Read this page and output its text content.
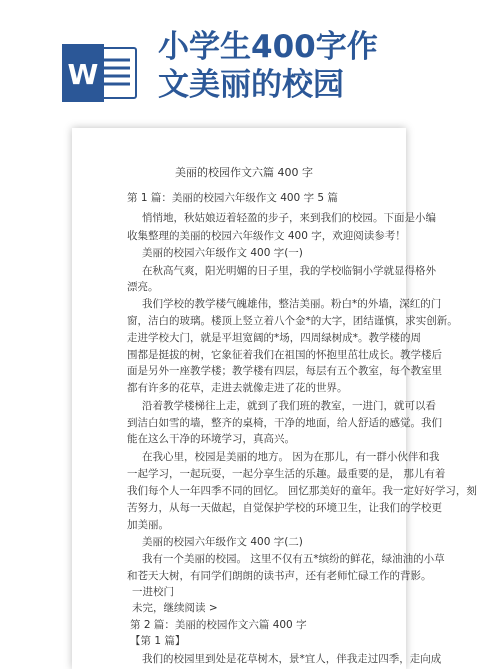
W
小学生400字作
文美丽的校园
美丽的校园作文六篇 400 字
第 1 篇：美丽的校园六年级作文 400 字 5 篇
悄悄地，秋姑娘迈着轻盈的步子，来到我们的校园。下面是小编
收集整理的美丽的校园六年级作文 400 字，欢迎阅读参考！
美丽的校园六年级作文 400 字(一)
在秋高气爽，阳光明媚的日子里，我的学校临铜小学就显得格外
漂亮。
我们学校的教学楼气魄雄伟，整洁美丽。粉白*的外墙，深红的门
窗，洁白的玻璃。楼顶上竖立着八个金*的大字，团结谨慎，求实创新。
走进学校大门，就是平坦宽阔的*场，四周绿树成*。教学楼的周
围都是挺拔的树，它象征着我们在祖国的怀抱里茁壮成长。教学楼后
面是另外一座教学楼；教学楼有四层，每层有五个教室，每个教室里
都有许多的花草，走进去就像走进了花的世界。
沿着教学楼梯往上走，就到了我们班的教室，一进门，就可以看
到洁白如雪的墙，整齐的桌椅，干净的地面，给人舒适的感觉。我们
能在这么干净的环境学习，真高兴。
在我心里，校园是美丽的地方。 因为在那儿，有一群小伙伴和我
一起学习，一起玩耍，一起分享生活的乐趣。最重要的是， 那儿有着
我们每个人一年四季不同的回忆。 回忆那美好的童年。我一定好好学习，刻
苦努力，从每一天做起，自觉保护学校的环境卫生，让我们的学校更
加美丽。
美丽的校园六年级作文 400 字(二)
我有一个美丽的校园。 这里不仅有五*缤纷的鲜花，绿油油的小草
和苍天大树，有同学们朗朗的读书声，还有老师忙碌工作的背影。
一进校门
未完，继续阅读 >
第 2 篇：美丽的校园作文六篇 400 字
【第 1 篇】
我们的校园里到处是花草树木，景*宜人，伴我走过四季，走向成
